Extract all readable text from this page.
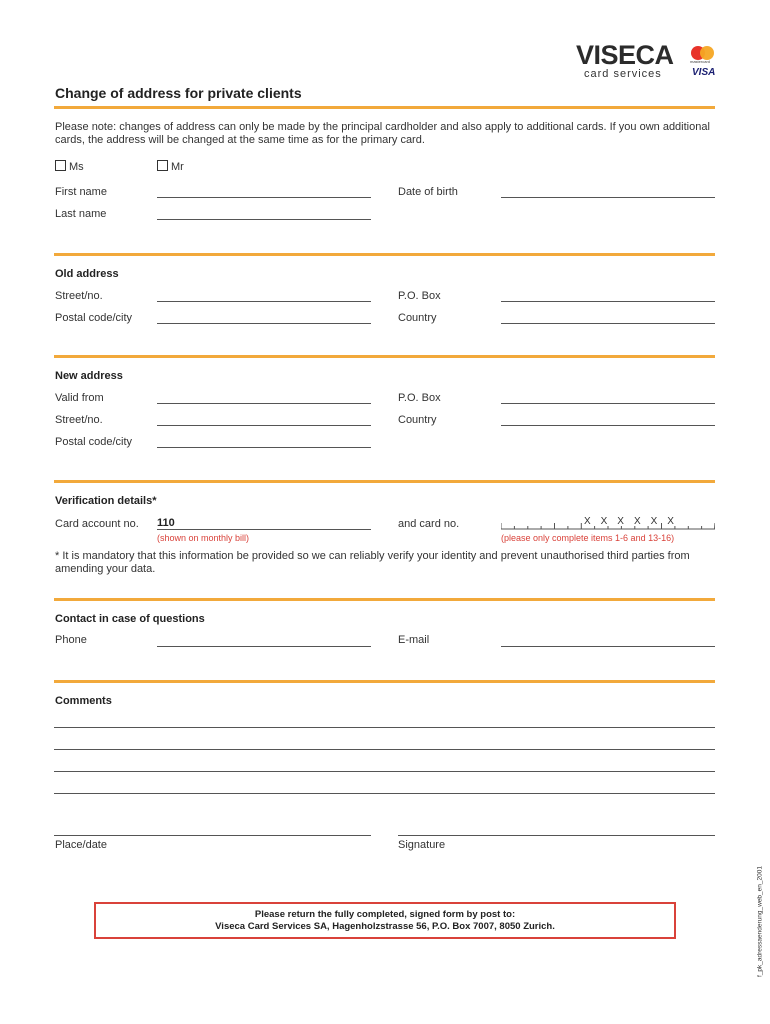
VISECA
card services
mastercard
VISA
Change of address for private clients
Please note: changes of address can only be made by the principal cardholder and also apply to additional cards. If you own additional cards, the address will be changed at the same time as for the primary card.
Ms	Mr
First name	Date of birth
Last name
Old address
Street/no.	P.O. Box
Postal code/city	Country
New address
Valid from	P.O. Box
Street/no.	Country
Postal code/city
Verification details*
Card account no. 110
(shown on monthly bill)
and card no.	X X X X X X
(please only complete items 1-6 and 13-16)
* It is mandatory that this information be provided so we can reliably verify your identity and prevent unauthorised third parties from amending your data.
Contact in case of questions
Phone	E-mail
Comments
Place/date	Signature
Please return the fully completed, signed form by post to:
Viseca Card Services SA, Hagenholzstrasse 56, P.O. Box 7007, 8050 Zurich.	f_pk_adressaenderung_web_en_2001
